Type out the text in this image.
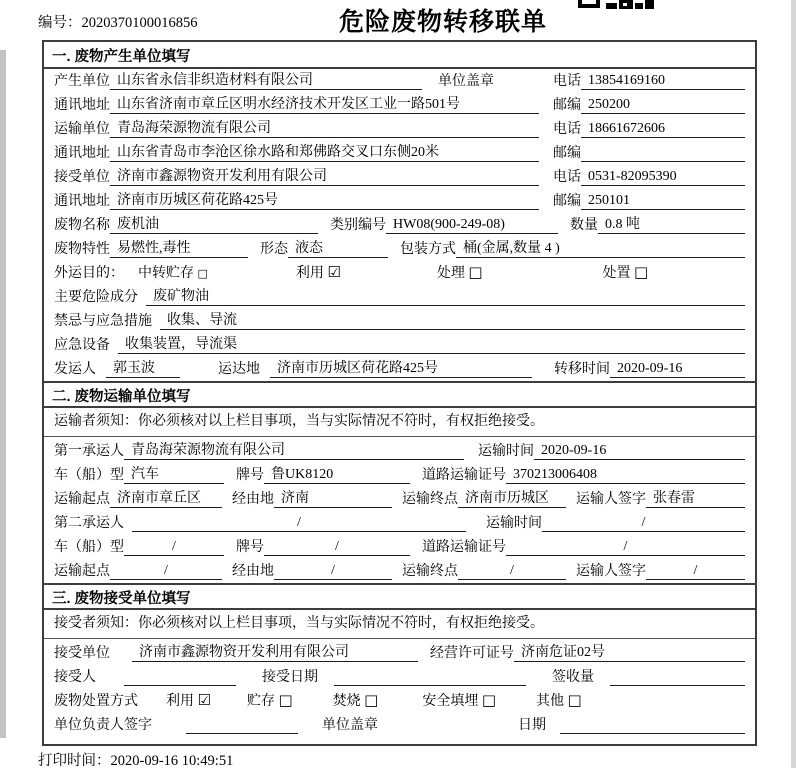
编号：2020370100016856	危险废物转移联单
一. 废物产生单位填写
产生单位 山东省永信非织造材料有限公司	单位盖章	电话 13854169160
通讯地址 山东省济南市章丘区明水经济技术开发区工业一路501号	邮编 250200
运输单位 青岛海荣源物流有限公司	电话 18661672606
通讯地址 山东省青岛市李沧区徐水路和郑佛路交叉口东侧20米	邮编
接受单位 济南市鑫源物资开发利用有限公司	电话 0531-82095390
通讯地址 济南市历城区荷花路425号	邮编 250101
废物名称 废机油	类别编号 HW08(900-249-08)	数量 0.8 吨
废物特性 易燃性,毒性	形态 液态	包装方式 桶(金属,数量 4 )
外运目的： 中转贮存 □	利用 ☑	处理 □	处置 □
主要危险成分	废矿物油
禁忌与应急措施	收集、导流
应急设备	收集装置，导流渠
发运人	郭玉波	运达地	济南市历城区荷花路425号	转移时间 2020-09-16
二. 废物运输单位填写
运输者须知：你必须核对以上栏目事项，当与实际情况不符时，有权拒绝接受。
第一承运人 青岛海荣源物流有限公司	运输时间 2020-09-16
车（船）型 汽车	牌号 鲁UK8120	道路运输证号 370213006408
运输起点 济南市章丘区	经由地 济南	运输终点 济南市历城区	运输人签字 张春雷
第二承运人	/	运输时间	/
车（船）型	/	牌号	/	道路运输证号	/
运输起点	/	经由地	/	运输终点	/	运输人签字	/
三. 废物接受单位填写
接受者须知：你必须核对以上栏目事项，当与实际情况不符时，有权拒绝接受。
接受单位	济南市鑫源物资开发利用有限公司	经营许可证号 济南危证02号
接受人	接受日期	签收量
废物处置方式 利用 ☑	贮存 □	焚烧 □	安全填埋 □	其他 □
单位负责人签字	单位盖章	日期
打印时间：2020-09-16 10:49:51
